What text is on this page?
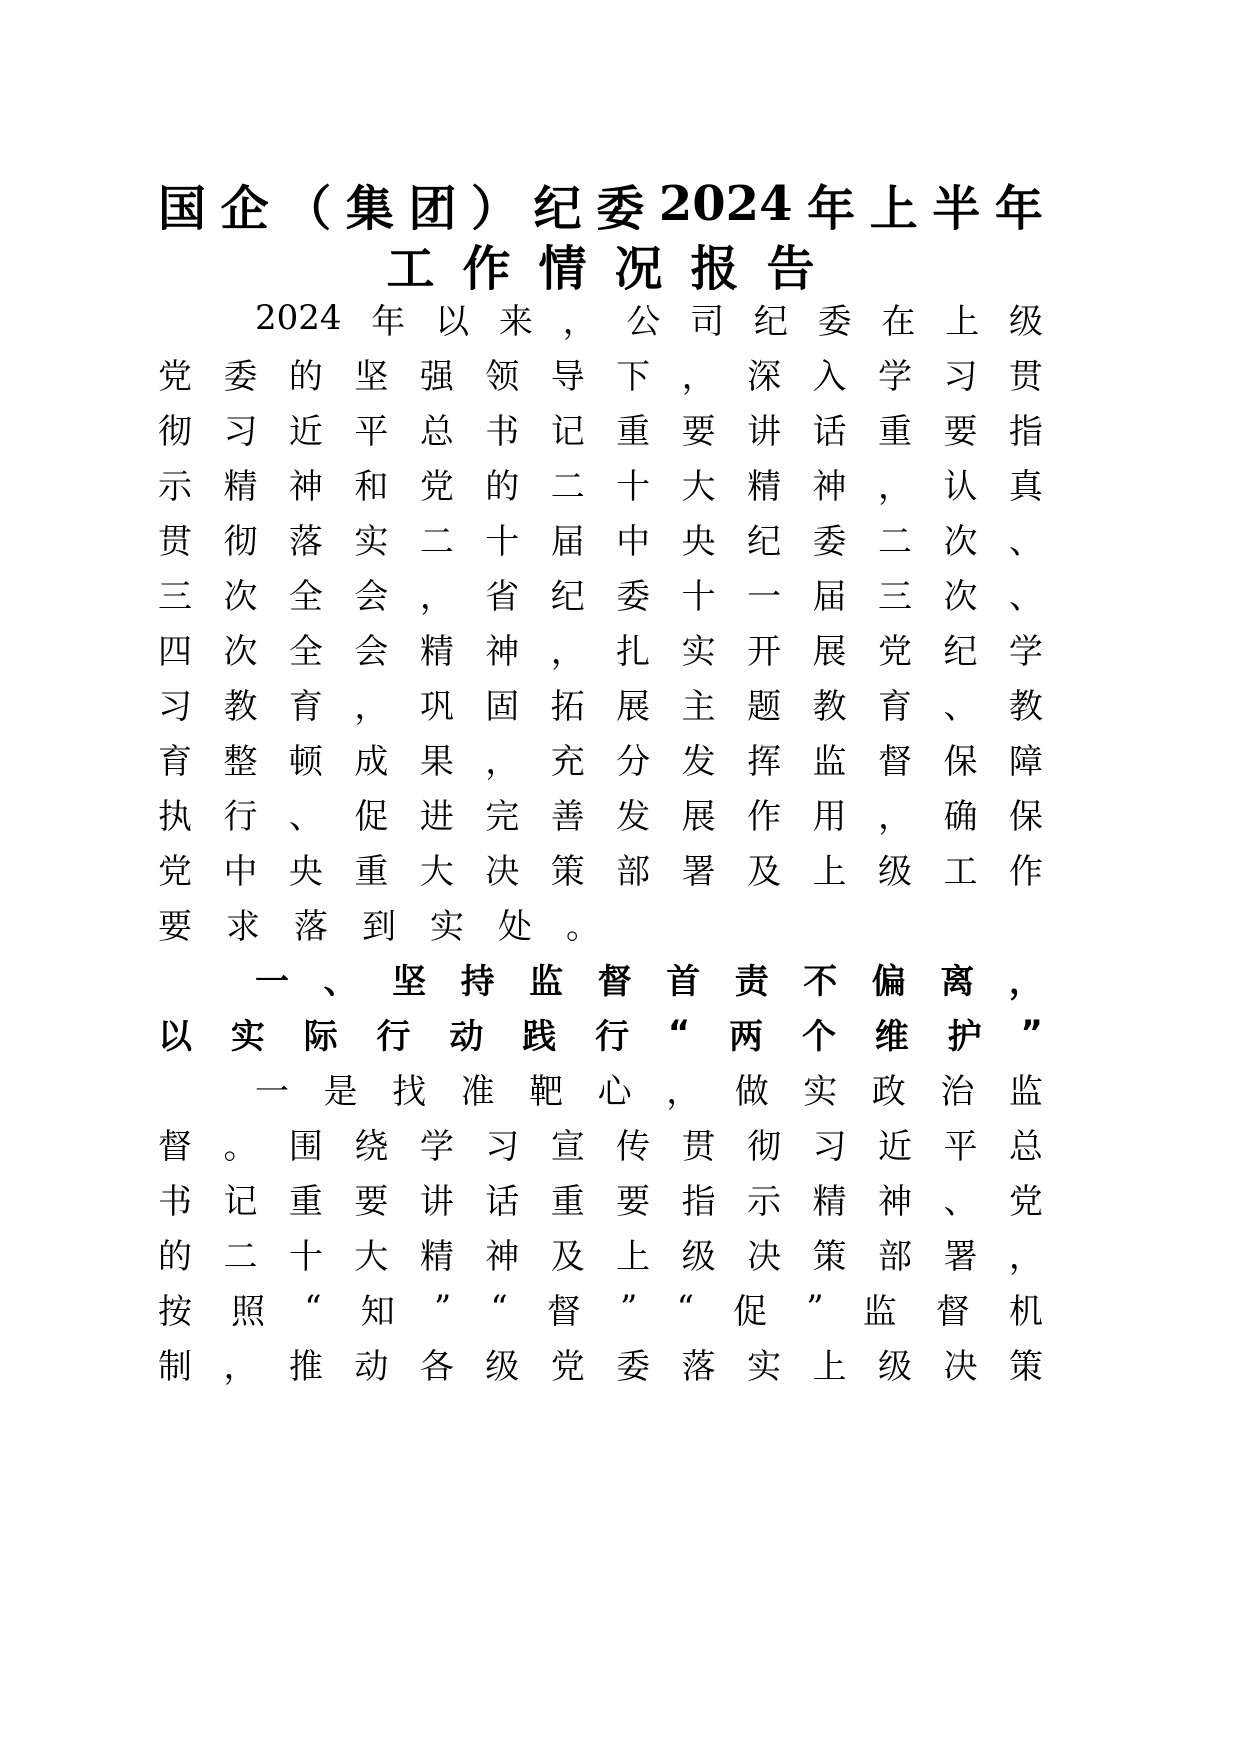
国 企 （ 集 团 ） 纪 委 2024 年 上 半 年
工 作 情 况 报 告
2024 年 以 来 ， 公 司 纪 委 在 上 级
党 委 的 坚 强 领 导 下 ， 深 入 学 习 贯
彻 习 近 平 总 书 记 重 要 讲 话 重 要 指
示 精 神 和 党 的 二 十 大 精 神 ， 认 真
贯 彻 落 实 二 十 届 中 央 纪 委 二 次 、
三 次 全 会 ， 省 纪 委 十 一 届 三 次 、
四 次 全 会 精 神 ， 扎 实 开 展 党 纪 学
习 教 育 ， 巩 固 拓 展 主 题 教 育 、 教
育 整 顿 成 果 ， 充 分 发 挥 监 督 保 障
执 行 、 促 进 完 善 发 展 作 用 ， 确 保
党 中 央 重 大 决 策 部 署 及 上 级 工 作
要 求 落 到 实 处 。
一 、 坚 持 监 督 首 责 不 偏 离 ，
以 实 际 行 动 践 行 “ 两 个 维 护 ”
一 是 找 准 靶 心 ， 做 实 政 治 监
督 。 围 绕 学 习 宣 传 贯 彻 习 近 平 总
书 记 重 要 讲 话 重 要 指 示 精 神 、 党
的 二 十 大 精 神 及 上 级 决 策 部 署 ，
按 照 “ 知 ” “ 督 ” “ 促 ” 监 督 机
制 ， 推 动 各 级 党 委 落 实 上 级 决 策
